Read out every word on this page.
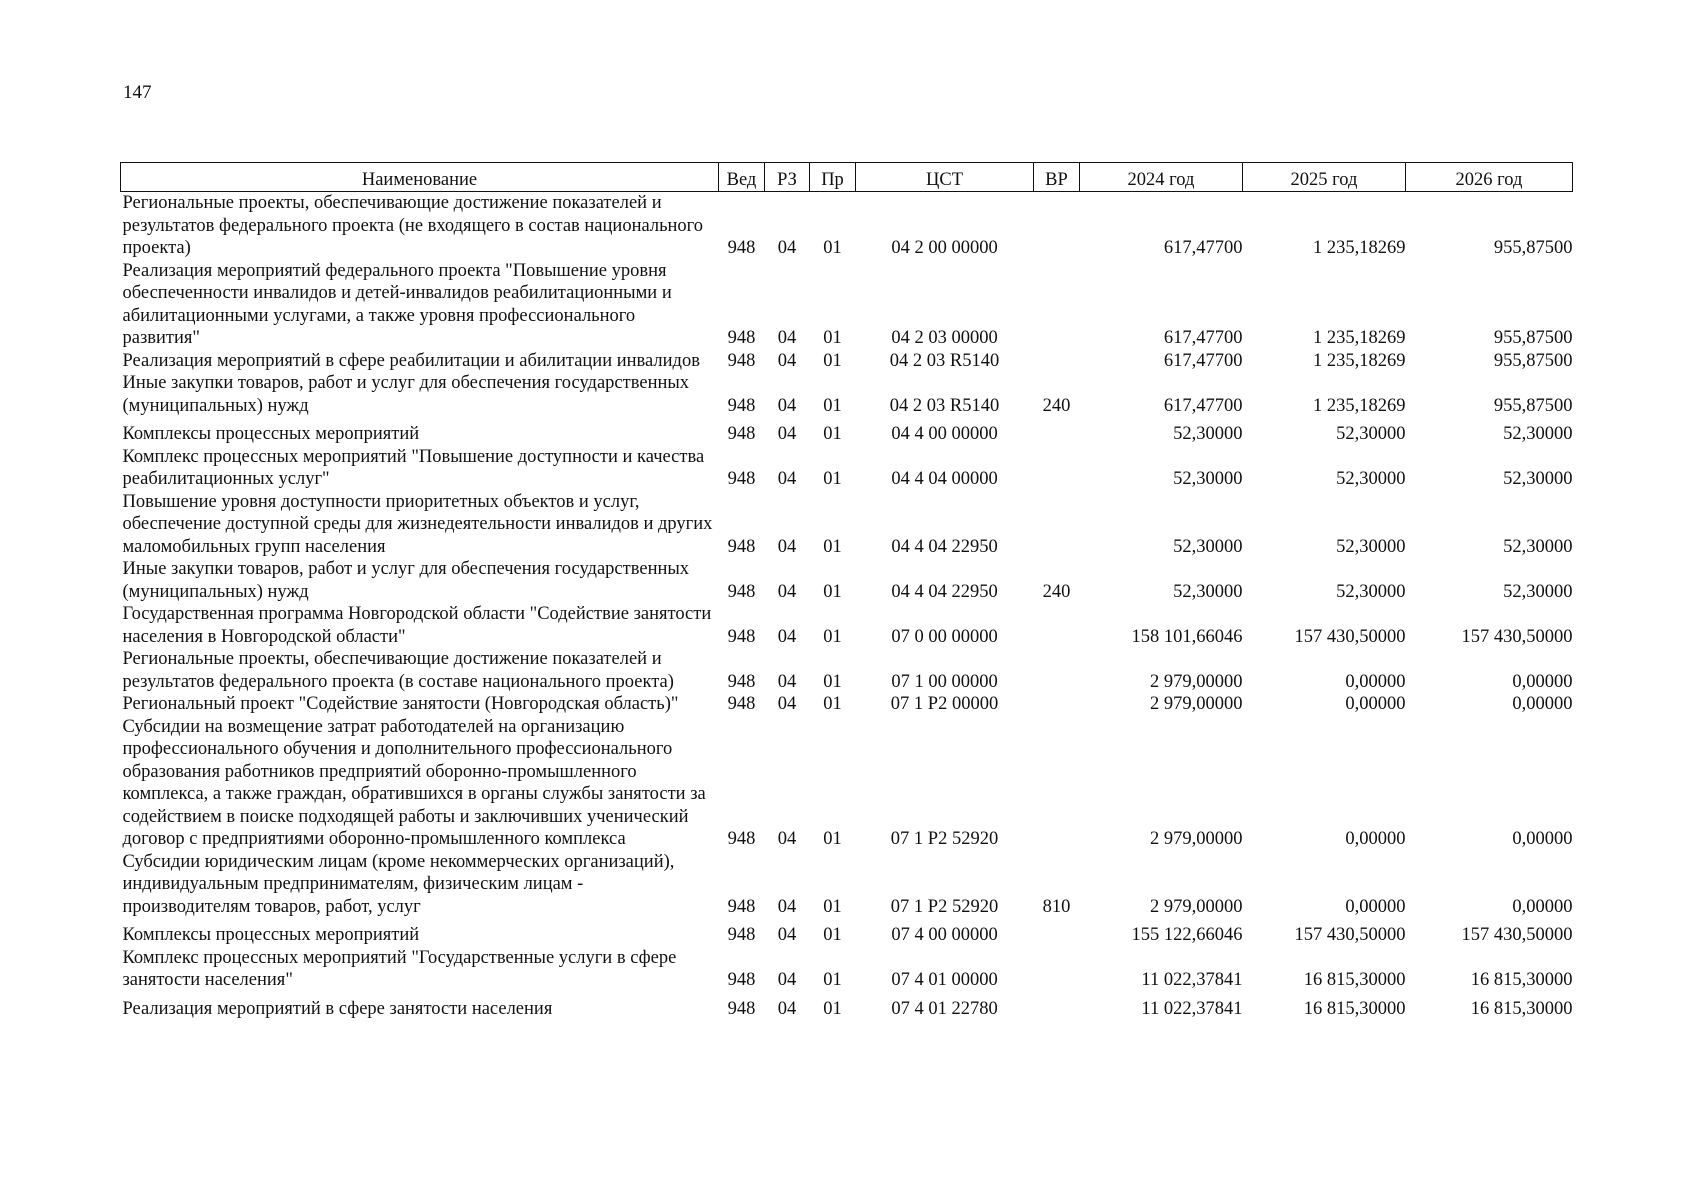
147
Наименование	Вед	РЗ	Пр	ЦСТ	ВР	2024 год	2025 год	2026 год
Региональные проекты, обеспечивающие достижение показателей и результатов федерального проекта (не входящего в состав национального проекта)	948	04	01	04 2 00 00000		617,47700	1 235,18269	955,87500
Реализация мероприятий федерального проекта "Повышение уровня обеспеченности инвалидов и детей-инвалидов реабилитационными и абилитационными услугами, а также уровня профессионального развития"	948	04	01	04 2 03 00000		617,47700	1 235,18269	955,87500
Реализация мероприятий в сфере реабилитации и абилитации инвалидов	948	04	01	04 2 03 R5140		617,47700	1 235,18269	955,87500
Иные закупки товаров, работ и услуг для обеспечения государственных (муниципальных) нужд	948	04	01	04 2 03 R5140	240	617,47700	1 235,18269	955,87500
Комплексы процессных мероприятий	948	04	01	04 4 00 00000		52,30000	52,30000	52,30000
Комплекс процессных мероприятий "Повышение доступности и качества реабилитационных услуг"	948	04	01	04 4 04 00000		52,30000	52,30000	52,30000
Повышение уровня доступности приоритетных объектов и услуг, обеспечение доступной среды для жизнедеятельности инвалидов и других маломобильных групп населения	948	04	01	04 4 04 22950		52,30000	52,30000	52,30000
Иные закупки товаров, работ и услуг для обеспечения государственных (муниципальных) нужд	948	04	01	04 4 04 22950	240	52,30000	52,30000	52,30000
Государственная программа Новгородской области "Содействие занятости населения в Новгородской области"	948	04	01	07 0 00 00000		158 101,66046	157 430,50000	157 430,50000
Региональные проекты, обеспечивающие достижение показателей и результатов федерального проекта (в составе национального проекта)	948	04	01	07 1 00 00000		2 979,00000	0,00000	0,00000
Региональный проект "Содействие занятости (Новгородская область)"	948	04	01	07 1 P2 00000		2 979,00000	0,00000	0,00000
Субсидии на возмещение затрат работодателей на организацию профессионального обучения и дополнительного профессионального образования работников предприятий оборонно-промышленного комплекса, а также граждан, обратившихся в органы службы занятости за содействием в поиске подходящей работы и заключивших ученический договор с предприятиями оборонно-промышленного комплекса	948	04	01	07 1 P2 52920		2 979,00000	0,00000	0,00000
Субсидии юридическим лицам (кроме некоммерческих организаций), индивидуальным предпринимателям, физическим лицам - производителям товаров, работ, услуг	948	04	01	07 1 P2 52920	810	2 979,00000	0,00000	0,00000
Комплексы процессных мероприятий	948	04	01	07 4 00 00000		155 122,66046	157 430,50000	157 430,50000
Комплекс процессных мероприятий "Государственные услуги в сфере занятости населения"	948	04	01	07 4 01 00000		11 022,37841	16 815,30000	16 815,30000
Реализация мероприятий в сфере занятости населения	948	04	01	07 4 01 22780		11 022,37841	16 815,30000	16 815,30000
